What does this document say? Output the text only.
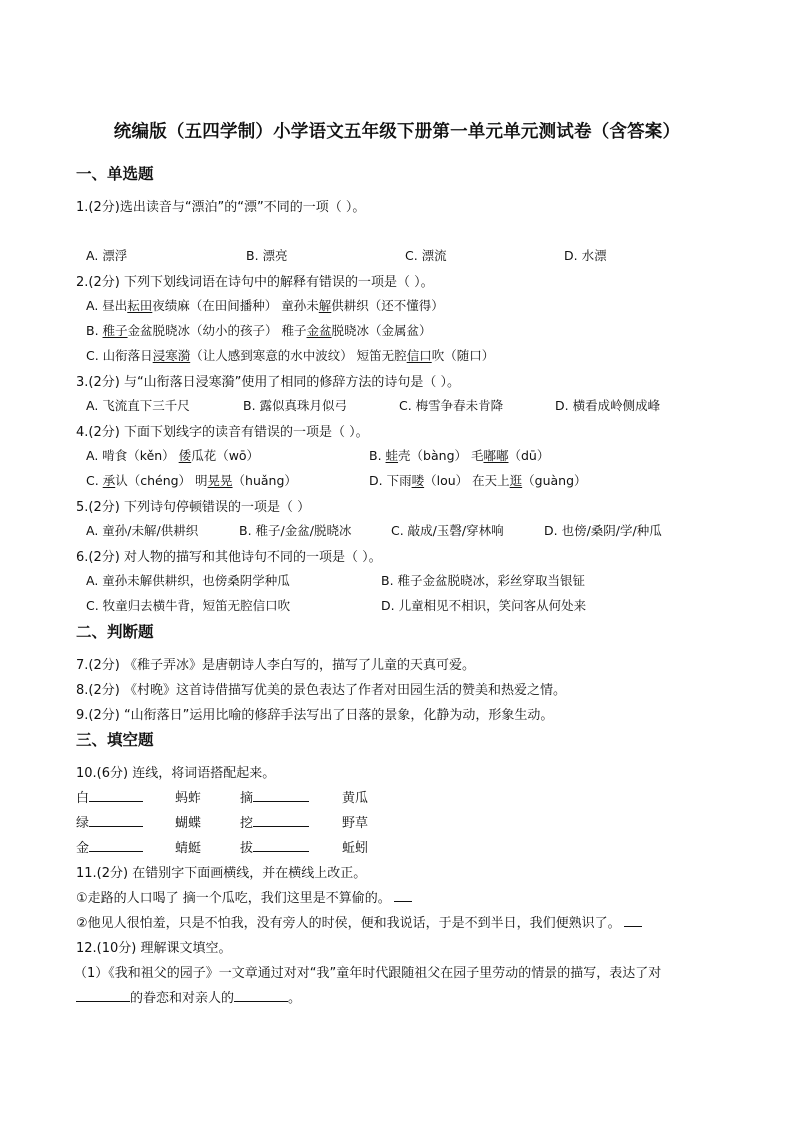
统编版（五四学制）小学语文五年级下册第一单元单元测试卷（含答案）
一、单选题
1.(2分)选出读音与“漂泊”的“漂”不同的一项（ ）。
A. 漂浮	B. 漂亮	C. 漂流	D. 水漂
2.(2分) 下列下划线词语在诗句中的解释有错误的一项是（ ）。
A. 昼出耘田夜绩麻（在田间播种） 童孙未解供耕织（还不懂得）
B. 稚子金盆脱晓冰（幼小的孩子） 稚子金盆脱晓冰（金属盆）
C. 山衔落日浸寒漪（让人感到寒意的水中波纹） 短笛无腔信口吹（随口）
3.(2分) 与“山衔落日浸寒漪”使用了相同的修辞方法的诗句是（ ）。
A. 飞流直下三千尺	B. 露似真珠月似弓	C. 梅雪争春未肯降	D. 横看成岭侧成峰
4.(2分) 下面下划线字的读音有错误的一项是（ ）。
A. 啃食（kěn） 倭瓜花（wō）	B. 蛙壳（bàng） 毛嘟嘟（dū）
C. 承认（chéng） 明晃晃（huǎng）	D. 下雨喽（lou） 在天上逛（guàng）
5.(2分) 下列诗句停顿错误的一项是（ ）
A. 童孙/未解/供耕织	B. 稚子/金盆/脱晓冰	C. 敲成/玉磬/穿林响	D. 也傍/桑阴/学/种瓜
6.(2分) 对人物的描写和其他诗句不同的一项是（ ）。
A. 童孙未解供耕织，也傍桑阴学种瓜	B. 稚子金盆脱晓冰，彩丝穿取当银钲
C. 牧童归去横牛背，短笛无腔信口吹	D. 儿童相见不相识，笑问客从何处来
二、判断题
7.(2分) 《稚子弄冰》是唐朝诗人李白写的，描写了儿童的天真可爱。
8.(2分) 《村晚》这首诗借描写优美的景色表达了作者对田园生活的赞美和热爱之情。
9.(2分) “山衔落日”运用比喻的修辞手法写出了日落的景象，化静为动，形象生动。
三、填空题
10.(6分) 连线，将词语搭配起来。
白	蚂蚱	摘	黄瓜
绿	蝴蝶	挖	野草
金	蜻蜓	拔	蚯蚓
11.(2分) 在错别字下面画横线，并在横线上改正。
①走路的人口喝了 摘一个瓜吃，我们这里是不算偷的。
②他见人很怕羞，只是不怕我，没有旁人的时侯，便和我说话，于是不到半日，我们便熟识了。
12.(10分) 理解课文填空。
（1）《我和祖父的园子》一文章通过对对“我”童年时代跟随祖父在园子里劳动的情景的描写，表达了对
的眷恋和对亲人的	。
